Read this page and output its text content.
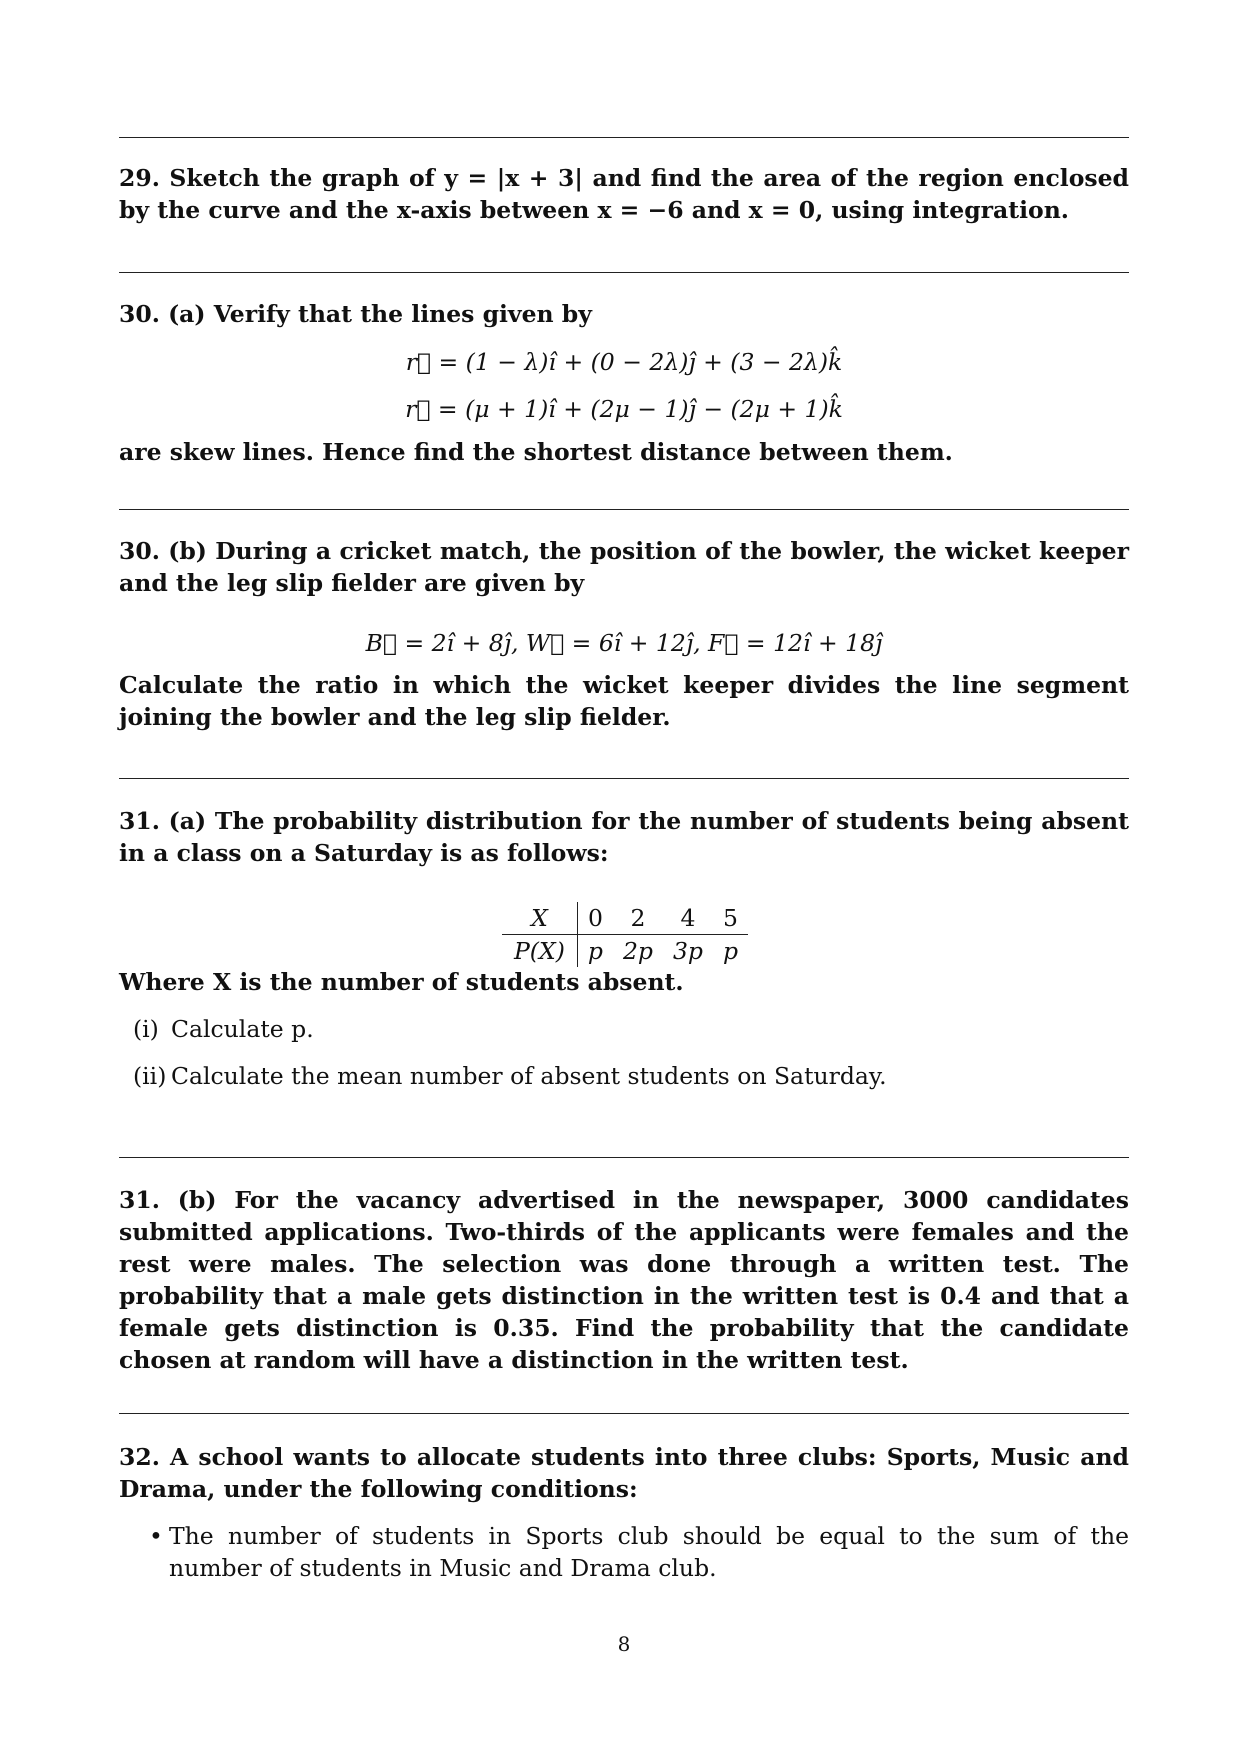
29. Sketch the graph of y = |x + 3| and find the area of the region enclosed by the curve and the x-axis between x = −6 and x = 0, using integration.
30. (a) Verify that the lines given by
r⃗ = (1 − λ)î + (0 − 2λ)ĵ + (3 − 2λ)k̂
r⃗ = (μ + 1)î + (2μ − 1)ĵ − (2μ + 1)k̂
are skew lines. Hence find the shortest distance between them.
30. (b) During a cricket match, the position of the bowler, the wicket keeper and the leg slip fielder are given by
B⃗ = 2î + 8ĵ, W⃗ = 6î + 12ĵ, F⃗ = 12î + 18ĵ
Calculate the ratio in which the wicket keeper divides the line segment joining the bowler and the leg slip fielder.
31. (a) The probability distribution for the number of students being absent in a class on a Saturday is as follows:
X	0	2	4	5
P(X)	p	2p	3p	p
Where X is the number of students absent.
(i) Calculate p.
(ii) Calculate the mean number of absent students on Saturday.
31. (b) For the vacancy advertised in the newspaper, 3000 candidates submitted applications. Two-thirds of the applicants were females and the rest were males. The selection was done through a written test. The probability that a male gets distinction in the written test is 0.4 and that a female gets distinction is 0.35. Find the probability that the candidate chosen at random will have a distinction in the written test.
32. A school wants to allocate students into three clubs: Sports, Music and Drama, under the following conditions:
• The number of students in Sports club should be equal to the sum of the number of students in Music and Drama club.
8
